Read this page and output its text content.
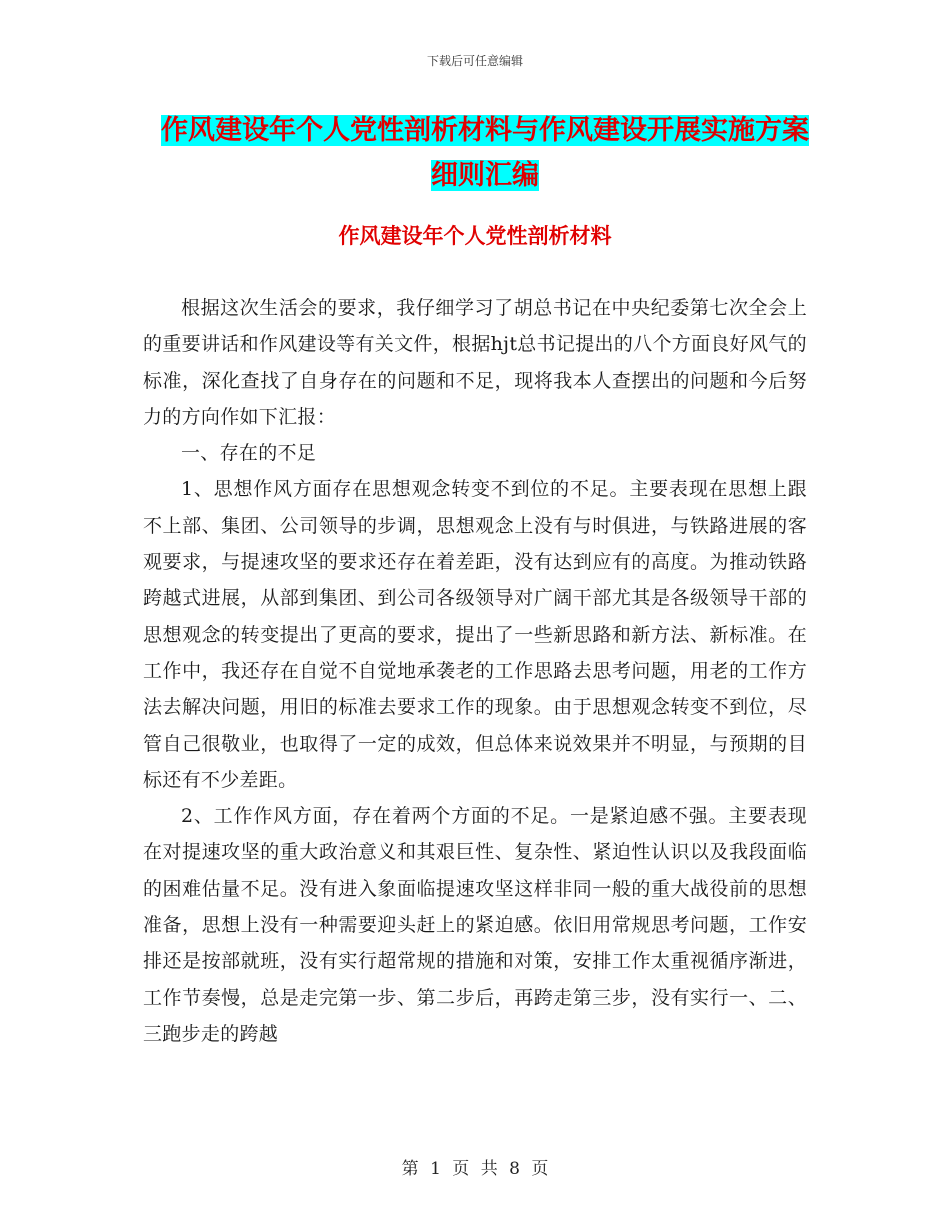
下载后可任意编辑
作风建设年个人党性剖析材料与作风建设开展实施方案细则汇编
作风建设年个人党性剖析材料

根据这次生活会的要求，我仔细学习了胡总书记在中央纪委第七次全会上的重要讲话和作风建设等有关文件，根据hjt总书记提出的八个方面良好风气的标准，深化查找了自身存在的问题和不足，现将我本人查摆出的问题和今后努力的方向作如下汇报：

一、存在的不足

1、思想作风方面存在思想观念转变不到位的不足。主要表现在思想上跟不上部、集团、公司领导的步调，思想观念上没有与时俱进，与铁路进展的客观要求，与提速攻坚的要求还存在着差距，没有达到应有的高度。为推动铁路跨越式进展，从部到集团、到公司各级领导对广阔干部尤其是各级领导干部的思想观念的转变提出了更高的要求，提出了一些新思路和新方法、新标准。在工作中，我还存在自觉不自觉地承袭老的工作思路去思考问题，用老的工作方法去解决问题，用旧的标准去要求工作的现象。由于思想观念转变不到位，尽管自己很敬业，也取得了一定的成效，但总体来说效果并不明显，与预期的目标还有不少差距。

2、工作作风方面，存在着两个方面的不足。一是紧迫感不强。主要表现在对提速攻坚的重大政治意义和其艰巨性、复杂性、紧迫性认识以及我段面临的困难估量不足。没有进入象面临提速攻坚这样非同一般的重大战役前的思想准备，思想上没有一种需要迎头赶上的紧迫感。依旧用常规思考问题，工作安排还是按部就班，没有实行超常规的措施和对策，安排工作太重视循序渐进，工作节奏慢，总是走完第一步、第二步后，再跨走第三步，没有实行一、二、三跑步走的跨越

第 1 页 共 8 页
